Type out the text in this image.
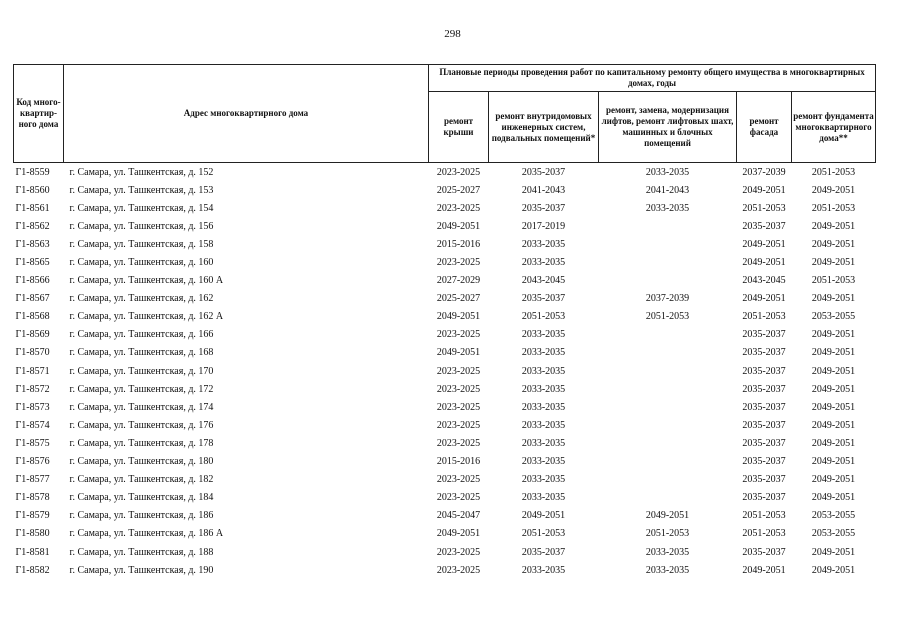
298
Код много-квартир-ного дома	Адрес многоквартирного дома	Плановые периоды проведения работ по капитальному ремонту общего имущества в многоквартирных домах, годы				
		ремонт крыши	ремонт внутридомовых инженерных систем, подвальных помещений*	ремонт, замена, модернизация лифтов, ремонт лифтовых шахт, машинных и блочных помещений	ремонт фасада	ремонт фундамента многоквартирного дома**
Г1-8559	г. Самара, ул. Ташкентская, д. 152	2023-2025	2035-2037	2033-2035	2037-2039	2051-2053
Г1-8560	г. Самара, ул. Ташкентская, д. 153	2025-2027	2041-2043	2041-2043	2049-2051	2049-2051
Г1-8561	г. Самара, ул. Ташкентская, д. 154	2023-2025	2035-2037	2033-2035	2051-2053	2051-2053
Г1-8562	г. Самара, ул. Ташкентская, д. 156	2049-2051	2017-2019		2035-2037	2049-2051
Г1-8563	г. Самара, ул. Ташкентская, д. 158	2015-2016	2033-2035		2049-2051	2049-2051
Г1-8565	г. Самара, ул. Ташкентская, д. 160	2023-2025	2033-2035		2049-2051	2049-2051
Г1-8566	г. Самара, ул. Ташкентская, д. 160 А	2027-2029	2043-2045		2043-2045	2051-2053
Г1-8567	г. Самара, ул. Ташкентская, д. 162	2025-2027	2035-2037	2037-2039	2049-2051	2049-2051
Г1-8568	г. Самара, ул. Ташкентская, д. 162 А	2049-2051	2051-2053	2051-2053	2051-2053	2053-2055
Г1-8569	г. Самара, ул. Ташкентская, д. 166	2023-2025	2033-2035		2035-2037	2049-2051
Г1-8570	г. Самара, ул. Ташкентская, д. 168	2049-2051	2033-2035		2035-2037	2049-2051
Г1-8571	г. Самара, ул. Ташкентская, д. 170	2023-2025	2033-2035		2035-2037	2049-2051
Г1-8572	г. Самара, ул. Ташкентская, д. 172	2023-2025	2033-2035		2035-2037	2049-2051
Г1-8573	г. Самара, ул. Ташкентская, д. 174	2023-2025	2033-2035		2035-2037	2049-2051
Г1-8574	г. Самара, ул. Ташкентская, д. 176	2023-2025	2033-2035		2035-2037	2049-2051
Г1-8575	г. Самара, ул. Ташкентская, д. 178	2023-2025	2033-2035		2035-2037	2049-2051
Г1-8576	г. Самара, ул. Ташкентская, д. 180	2015-2016	2033-2035		2035-2037	2049-2051
Г1-8577	г. Самара, ул. Ташкентская, д. 182	2023-2025	2033-2035		2035-2037	2049-2051
Г1-8578	г. Самара, ул. Ташкентская, д. 184	2023-2025	2033-2035		2035-2037	2049-2051
Г1-8579	г. Самара, ул. Ташкентская, д. 186	2045-2047	2049-2051	2049-2051	2051-2053	2053-2055
Г1-8580	г. Самара, ул. Ташкентская, д. 186 А	2049-2051	2051-2053	2051-2053	2051-2053	2053-2055
Г1-8581	г. Самара, ул. Ташкентская, д. 188	2023-2025	2035-2037	2033-2035	2035-2037	2049-2051
Г1-8582	г. Самара, ул. Ташкентская, д. 190	2023-2025	2033-2035	2033-2035	2049-2051	2049-2051
